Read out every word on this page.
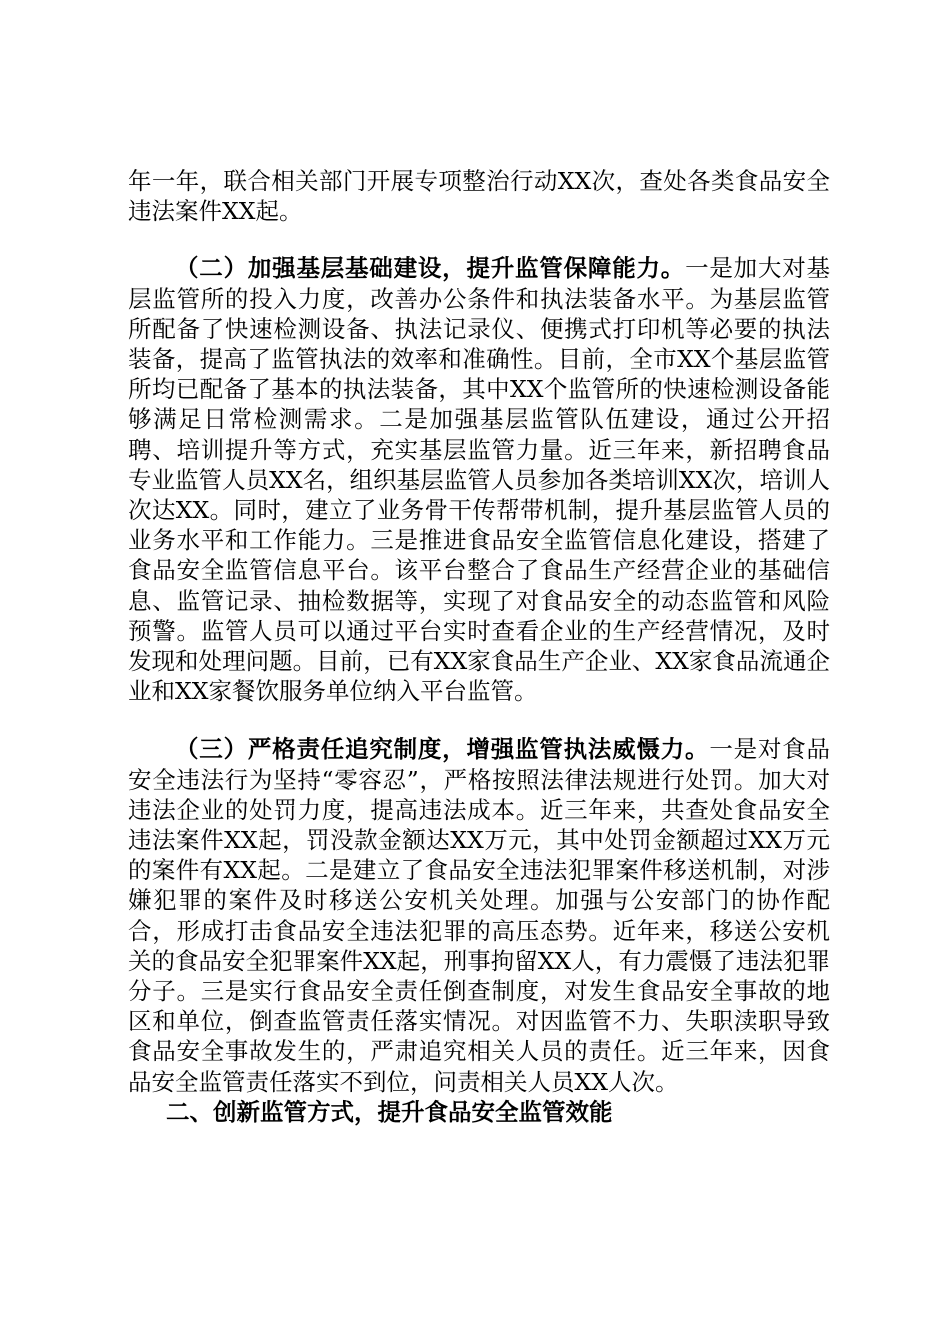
年一年，联合相关部门开展专项整治行动XX次，查处各类食品安全违法案件XX起。

（二）加强基层基础建设，提升监管保障能力。一是加大对基层监管所的投入力度，改善办公条件和执法装备水平。为基层监管所配备了快速检测设备、执法记录仪、便携式打印机等必要的执法装备，提高了监管执法的效率和准确性。目前，全市XX个基层监管所均已配备了基本的执法装备，其中XX个监管所的快速检测设备能够满足日常检测需求。二是加强基层监管队伍建设，通过公开招聘、培训提升等方式，充实基层监管力量。近三年来，新招聘食品专业监管人员XX名，组织基层监管人员参加各类培训XX次，培训人次达XX。同时，建立了业务骨干传帮带机制，提升基层监管人员的业务水平和工作能力。三是推进食品安全监管信息化建设，搭建了食品安全监管信息平台。该平台整合了食品生产经营企业的基础信息、监管记录、抽检数据等，实现了对食品安全的动态监管和风险预警。监管人员可以通过平台实时查看企业的生产经营情况，及时发现和处理问题。目前，已有XX家食品生产企业、XX家食品流通企业和XX家餐饮服务单位纳入平台监管。

（三）严格责任追究制度，增强监管执法威慑力。一是对食品安全违法行为坚持“零容忍”，严格按照法律法规进行处罚。加大对违法企业的处罚力度，提高违法成本。近三年来，共查处食品安全违法案件XX起，罚没款金额达XX万元，其中处罚金额超过XX万元的案件有XX起。二是建立了食品安全违法犯罪案件移送机制，对涉嫌犯罪的案件及时移送公安机关处理。加强与公安部门的协作配合，形成打击食品安全违法犯罪的高压态势。近年来，移送公安机关的食品安全犯罪案件XX起，刑事拘留XX人，有力震慑了违法犯罪分子。三是实行食品安全责任倒查制度，对发生食品安全事故的地区和单位，倒查监管责任落实情况。对因监管不力、失职渎职导致食品安全事故发生的，严肃追究相关人员的责任。近三年来，因食品安全监管责任落实不到位，问责相关人员XX人次。

二、创新监管方式，提升食品安全监管效能
